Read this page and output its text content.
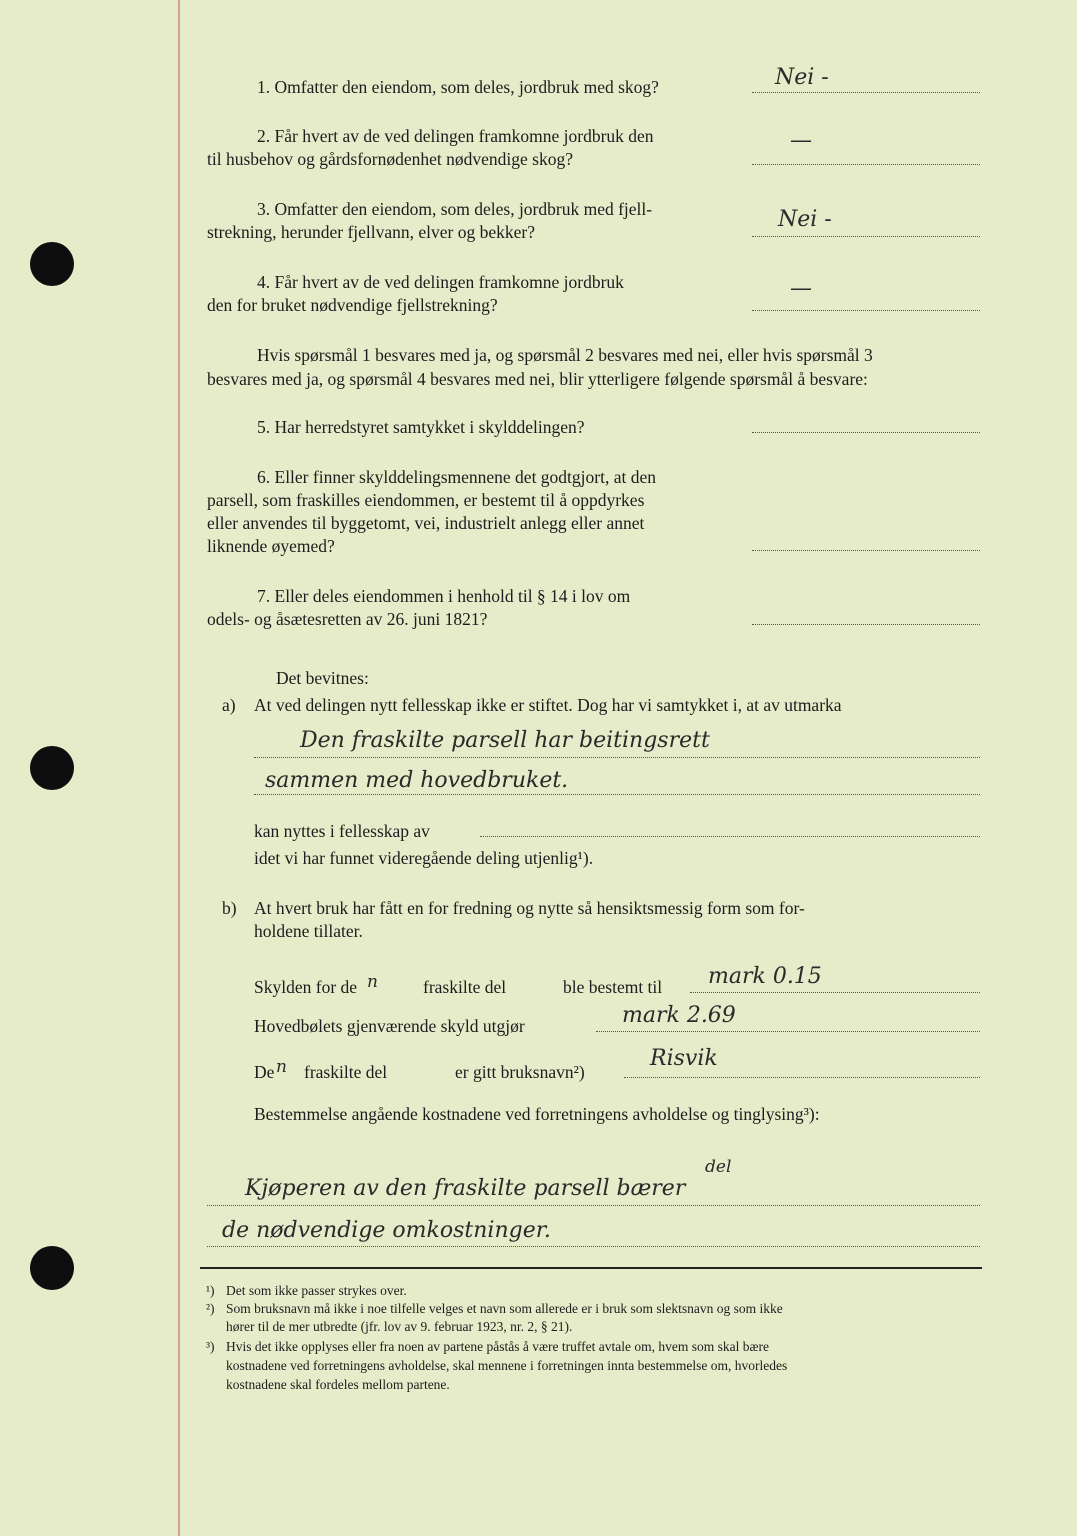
1. Omfatter den eiendom, som deles, jordbruk med skog?	Nei -
2. Får hvert av de ved delingen framkomne jordbruk den
til husbehov og gårdsfornødenhet nødvendige skog?
—
3. Omfatter den eiendom, som deles, jordbruk med fjell-
strekning, herunder fjellvann, elver og bekker?	Nei -
4. Får hvert av de ved delingen framkomne jordbruk
den for bruket nødvendige fjellstrekning?
—
Hvis spørsmål 1 besvares med ja, og spørsmål 2 besvares med nei, eller hvis spørsmål 3
besvares med ja, og spørsmål 4 besvares med nei, blir ytterligere følgende spørsmål å besvare:
5. Har herredstyret samtykket i skylddelingen?
6. Eller finner skylddelingsmennene det godtgjort, at den
parsell, som fraskilles eiendommen, er bestemt til å oppdyrkes
eller anvendes til byggetomt, vei, industrielt anlegg eller annet
liknende øyemed?
7. Eller deles eiendommen i henhold til § 14 i lov om
odels- og åsætesretten av 26. juni 1821?
Det bevitnes:
a) At ved delingen nytt fellesskap ikke er stiftet. Dog har vi samtykket i, at av utmarka
Den fraskilte parsell har beitingsrett
sammen med hovedbruket.
kan nyttes i fellesskap av
idet vi har funnet videregående deling utjenlig¹).
b) At hvert bruk har fått en for fredning og nytte så hensiktsmessig form som for-
holdene tillater.
Skylden for de n	fraskilte del	ble bestemt til mark 0.15
Hovedbølets gjenværende skyld utgjør	mark 2.69
De n fraskilte del	er gitt bruksnavn²)
Risvik
Bestemmelse angående kostnadene ved forretningens avholdelse og tinglysing³):
Kjøperen av den fraskilte parsell bærer
del
de nødvendige omkostninger.
¹) Det som ikke passer strykes over.
²) Som bruksnavn må ikke i noe tilfelle velges et navn som allerede er i bruk som slektsnavn og som ikke
hører til de mer utbredte (jfr. lov av 9. februar 1923, nr. 2, § 21).
³) Hvis det ikke opplyses eller fra noen av partene påstås å være truffet avtale om, hvem som skal bære
kostnadene ved forretningens avholdelse, skal mennene i forretningen innta bestemmelse om, hvorledes
kostnadene skal fordeles mellom partene.
